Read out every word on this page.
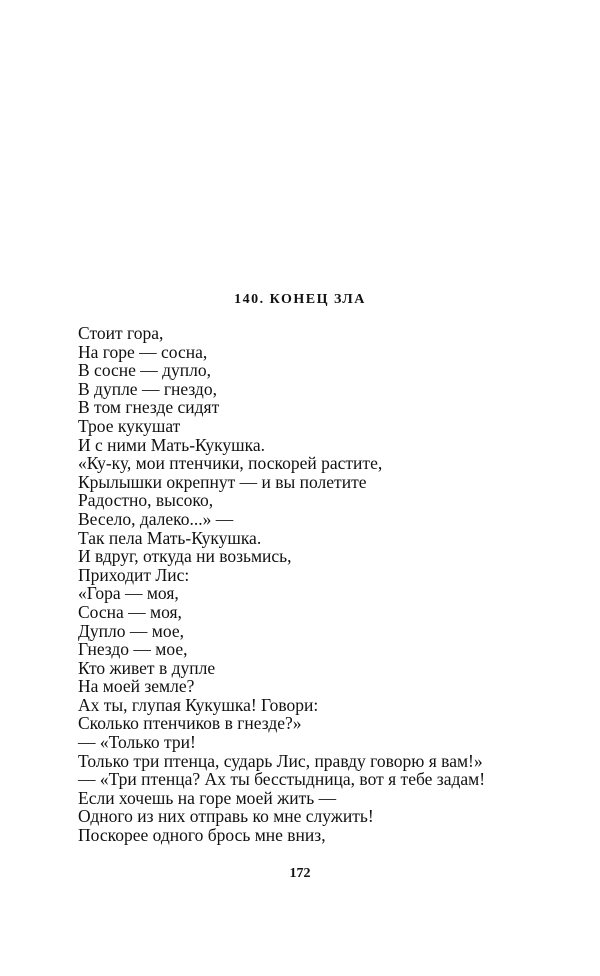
140. КОНЕЦ ЗЛА
Стоит гора,
На горе — сосна,
В сосне — дупло,
В дупле — гнездо,
В том гнезде сидят
Трое кукушат
И с ними Мать-Кукушка.
«Ку-ку, мои птенчики, поскорей растите,
Крылышки окрепнут — и вы полетите
Радостно, высоко,
Весело, далеко...» —
Так пела Мать-Кукушка.
И вдруг, откуда ни возьмись,
Приходит Лис:
«Гора — моя,
Сосна — моя,
Дупло — мое,
Гнездо — мое,
Кто живет в дупле
На моей земле?
Ах ты, глупая Кукушка! Говори:
Сколько птенчиков в гнезде?»
— «Только три!
Только три птенца, сударь Лис, правду говорю я вам!»
— «Три птенца? Ах ты бесстыдница, вот я тебе задам!
Если хочешь на горе моей жить —
Одного из них отправь ко мне служить!
Поскорее одного брось мне вниз,
172
